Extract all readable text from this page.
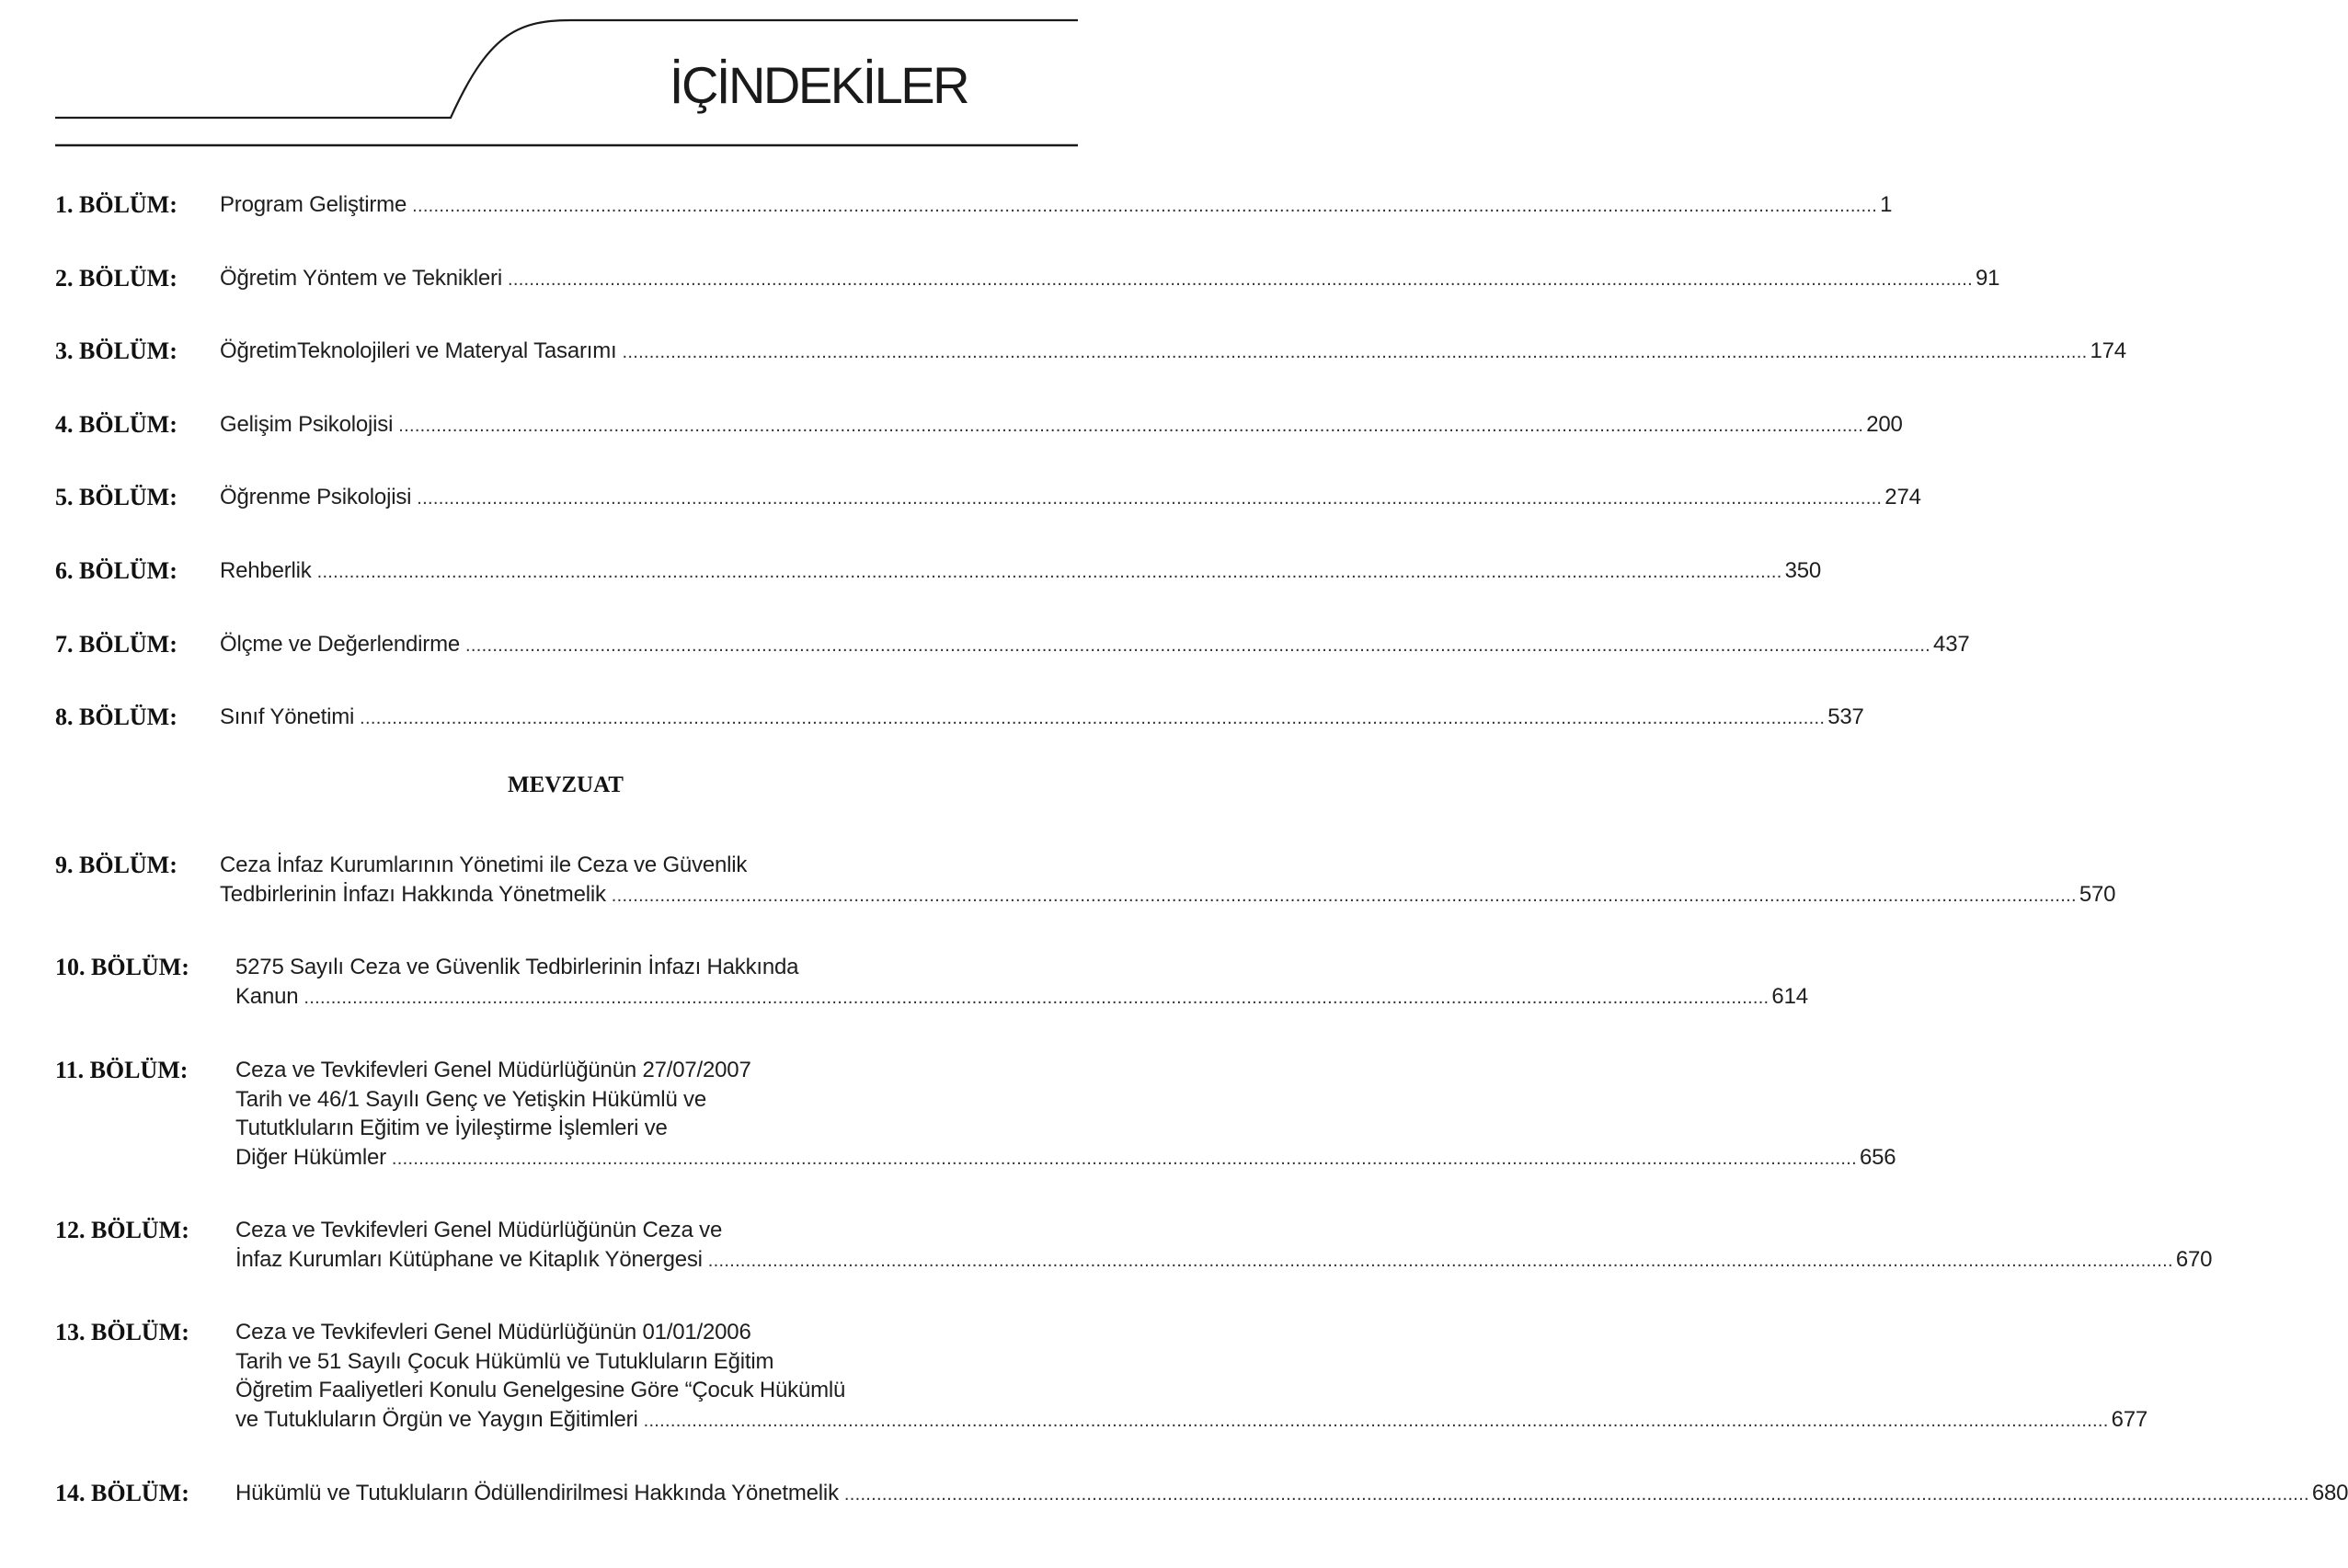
İÇİNDEKİLER
1. BÖLÜM:	Program Geliştirme .....	1
2. BÖLÜM:	Öğretim Yöntem ve Teknikleri .....	91
3. BÖLÜM:	ÖğretimTeknolojileri ve Materyal Tasarımı .....	174
4. BÖLÜM:	Gelişim Psikolojisi .....	200
5. BÖLÜM:	Öğrenme Psikolojisi .....	274
6. BÖLÜM:	Rehberlik .....	350
7. BÖLÜM:	Ölçme ve Değerlendirme .....	437
8. BÖLÜM:	Sınıf Yönetimi .....	537
MEVZUAT
9. BÖLÜM:	Ceza İnfaz Kurumlarının Yönetimi ile Ceza ve Güvenlik
Tedbirlerinin İnfazı Hakkında Yönetmelik .....	570
10. BÖLÜM:	5275 Sayılı Ceza ve Güvenlik Tedbirlerinin İnfazı Hakkında
Kanun .....	614
11. BÖLÜM:	Ceza ve Tevkifevleri Genel Müdürlüğünün 27/07/2007
Tarih ve 46/1 Sayılı Genç ve Yetişkin Hükümlü ve
Tututkluların Eğitim ve İyileştirme İşlemleri ve
Diğer Hükümler .....	656
12. BÖLÜM:	Ceza ve Tevkifevleri Genel Müdürlüğünün Ceza ve
İnfaz Kurumları Kütüphane ve Kitaplık Yönergesi .....	670
13. BÖLÜM:	Ceza ve Tevkifevleri Genel Müdürlüğünün 01/01/2006
Tarih ve 51 Sayılı Çocuk Hükümlü ve Tutukluların Eğitim
Öğretim Faaliyetleri Konulu Genelgesine Göre “Çocuk Hükümlü
ve Tutukluların Örgün ve Yaygın Eğitimleri .....	677
14. BÖLÜM:	Hükümlü ve Tutukluların Ödüllendirilmesi Hakkında Yönetmelik .....	680
